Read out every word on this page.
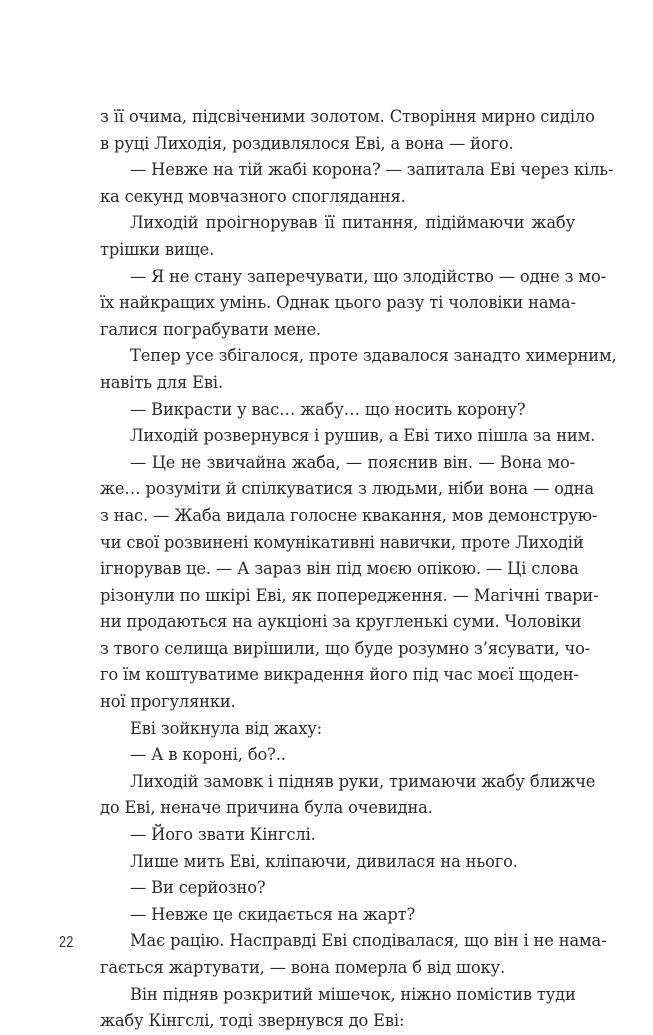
з її очима, підсвіченими золотом. Створіння мирно сиділо
в руці Лиходія, роздивлялося Еві, а вона — його.
— Невже на тій жабі корона? — запитала Еві через кіль-
ка секунд мовчазного споглядання.
Лиходій проігнорував її питання, підіймаючи жабу
трішки вище.
— Я не стану заперечувати, що злодійство — одне з мо-
їх найкращих умінь. Однак цього разу ті чоловіки нама-
галися пограбувати мене.
Тепер усе збігалося, проте здавалося занадто химерним,
навіть для Еві.
— Викрасти у вас… жабу… що носить корону?
Лиходій розвернувся і рушив, а Еві тихо пішла за ним.
— Це не звичайна жаба, — пояснив він. — Вона мо-
же… розуміти й спілкуватися з людьми, ніби вона — одна
з нас. — Жаба видала голосне квакання, мов демонструю-
чи свої розвинені комунікативні навички, проте Лиходій
ігнорував це. — А зараз він під моєю опікою. — Ці слова
різонули по шкірі Еві, як попередження. — Магічні твари-
ни продаються на аукціоні за кругленькі суми. Чоловіки
з твого селища вирішили, що буде розумно з’ясувати, чо-
го їм коштуватиме викрадення його під час моєї щоден-
ної прогулянки.
Еві зойкнула від жаху:
— А в короні, бо?..
Лиходій замовк і підняв руки, тримаючи жабу ближче
до Еві, неначе причина була очевидна.
— Його звати Кінгслі.
Лише мить Еві, кліпаючи, дивилася на нього.
— Ви серйозно?
— Невже це скидається на жарт?
Має рацію. Насправді Еві сподівалася, що він і не нама-
гається жартувати, — вона померла б від шоку.
Він підняв розкритий мішечок, ніжно помістив туди
жабу Кінгслі, тоді звернувся до Еві:
22
